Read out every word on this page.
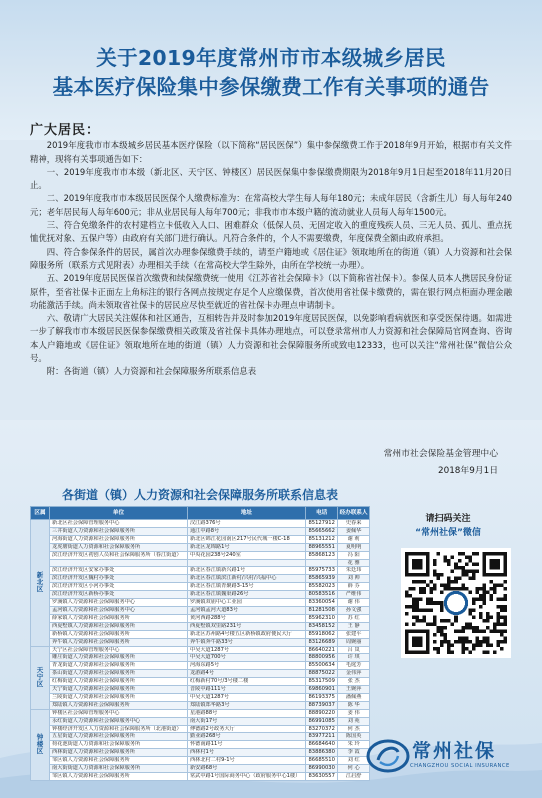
关于2019年度常州市市本级城乡居民
基本医疗保险集中参保缴费工作有关事项的通告
广大居民：

2019年度我市市本级城乡居民基本医疗保险（以下简称“居民医保”）集中参保缴费工作于2018年9月开始，根据市有关文件精神，现将有关事项通告如下：

一、2019年度我市市本级（新北区、天宁区、钟楼区）居民医保集中参保缴费期限为2018年9月1日起至2018年11月20日止。

二、2019年度我市市本级居民医保个人缴费标准为：在常高校大学生每人每年180元；未成年居民（含新生儿）每人每年240元；老年居民每人每年600元；非从业居民每人每年700元；非我市市本级户籍的流动就业人员每人每年1500元。

三、符合免缴条件的农村建档立卡低收入人口、困难群众（低保人员、无固定收入的重度残疾人员、三无人员、孤儿、重点抚恤优抚对象、五保户等）由政府有关部门进行确认。凡符合条件的，个人不需要缴费，年度保费全额由政府承担。

四、符合参保条件的居民，属首次办理参保缴费手续的，请至户籍地或《居住证》领取地所在的街道（镇）人力资源和社会保障服务所（联系方式见附表）办理相关手续（在常高校大学生除外，由所在学校统一办理）。

五、2019年度居民医保首次缴费和续保缴费统一使用《江苏省社会保障卡》（以下简称省社保卡）。参保人员本人携居民身份证原件，至省社保卡正面左上角标注的银行各网点按规定存足个人应缴保费，首次使用省社保卡缴费的，需在银行网点柜面办理金融功能激活手续。尚未领取省社保卡的居民应尽快至就近的省社保卡办理点申请制卡。

六、敬请广大居民关注媒体和社区通告，互相转告并及时参加2019年度居民医保，以免影响看病就医和享受医保待遇。如需进一步了解我市市本级居民医保参保缴费相关政策及省社保卡具体办理地点，可以登录常州市人力资源和社会保障局官网查询、咨询本人户籍地或《居住证》领取地所在地的街道（镇）人力资源和社会保障服务所或致电12333，也可以关注“常州社保”微信公众号。

附：各街道（镇）人力资源和社会保障服务所联系信息表

常州市社会保险基金管理中心
2018年9月1日
各街道（镇）人力资源和社会保障服务所联系信息表
区属	单位	地址	电话	经办联系人
新
北
区	新北区社会保障管理服务中心	汉江路376号	85127912	史春来
	三井街道人力资源和社会保障服务所	通江中路8号	85665662	姜佩华
	河海街道人力资源和社会保障服务所	新北区锦江花园南区217号民代城一楼C-18	85131212	谢 莉
	龙虎塘街道人力资源和社会保障服务所	新北区龙锦路1号	88965551	夏明明
	滨江经济开发区初创人员和社会保障服务所（春江街道）	中央花园238号240室	85868123	冯 阳
				花 雅
	滨江经济开发区安家办事处	新北区春江镇新兴路1号	85975733	朱廷玮
	滨江经济开发区魏村办事处	新北区春江镇滨江新村/兴村/兴福中心	85865939	刘 帅
	滨江经济开发区小河办事处	新北区春江镇青聚路3-15号	85582023	薛 芬
	滨江经济开发区新桥办事处	新北区春江镇魏渠路26号	80583516	严维伟
	罗溪镇人力资源和社会保障服务中心	罗溪镇双庙中心工业园	83360054	谢 伟
	孟河镇人力资源和社会保障服务中心	孟河镇孟河大道83号	81281508	孙文強
	薛家镇人力资源和社会保障服务所	黄河西路288号	85962310	苏 红
	西夏墅镇人力资源和社会保障服务所	西夏墅镇双里路231号	83458152	王 静
	新桥镇人力资源和社会保障服务所	新北区苏州路4号楼五区新桥镇政府便民大厅	85918062	张建平
	奔牛镇人力资源和社会保障服务所	奔牛镇奔牛路33号	83126689	周婉丽
天
宁
区	天宁区社会保障管理服务中心	中吴大道1287号	86640221	吕 岚
	雕庄街道人力资源和社会保障服务所	中吴大道700号	88800956	许 琪
	青龙街道人力资源和社会保障服务所	河海东路5号	85500634	毛庭芳
	茶山街道人力资源和社会保障服务所	龙游路4号	88875022	金伟萍
	红梅街道人力资源和社会保障服务所	红梅新村70号/3号楼二楼	85317509	张 杰
	天宁街道人力资源和社会保障服务所	晋陵中路111号	69860901	王婉萍
	兰陵街道人力资源和社会保障服务所	中吴大道1287号	86193375	潘佩燕
	郑陆镇人力资源和社会保障服务所	郑陆镇郑华路3号	88739037	陈 华
钟
楼
区	钟楼区社会保障管理服务中心	星港路88号	88890220	姜 伟
	永红街道人力资源和社会保障服务中心	南大街17号	86991085	刘 苑
	钟楼经济开发区人力资源和社会保障服务所（北港街道）	傅德路2号政务大厅	83270372	何 杰
	五星街道人力资源和社会保障服务所	勤业路268号	83977211	陈国英
	荷花池街道人力资源和社会保障服务所	怀德南路11号	86684640	朱 玲
	西林街道人力资源和社会保障服务所	西林村1号	83886380	李 霞
	邹区镇人力资源和社会保障服务所	西林北村二村9-1号	86685510	刘 红
	南大街街道人力资源和社会保障服务所	新安路68号	86990030	何 心
	邹区镇人力资源和社会保障服务所	常武中路1号国际商务中心（政府服务中心1楼）	83630557	江启舒
请扫码关注
“常州社保”微信
常州社保
CHANGZHOU SOCIAL INSURANCE
